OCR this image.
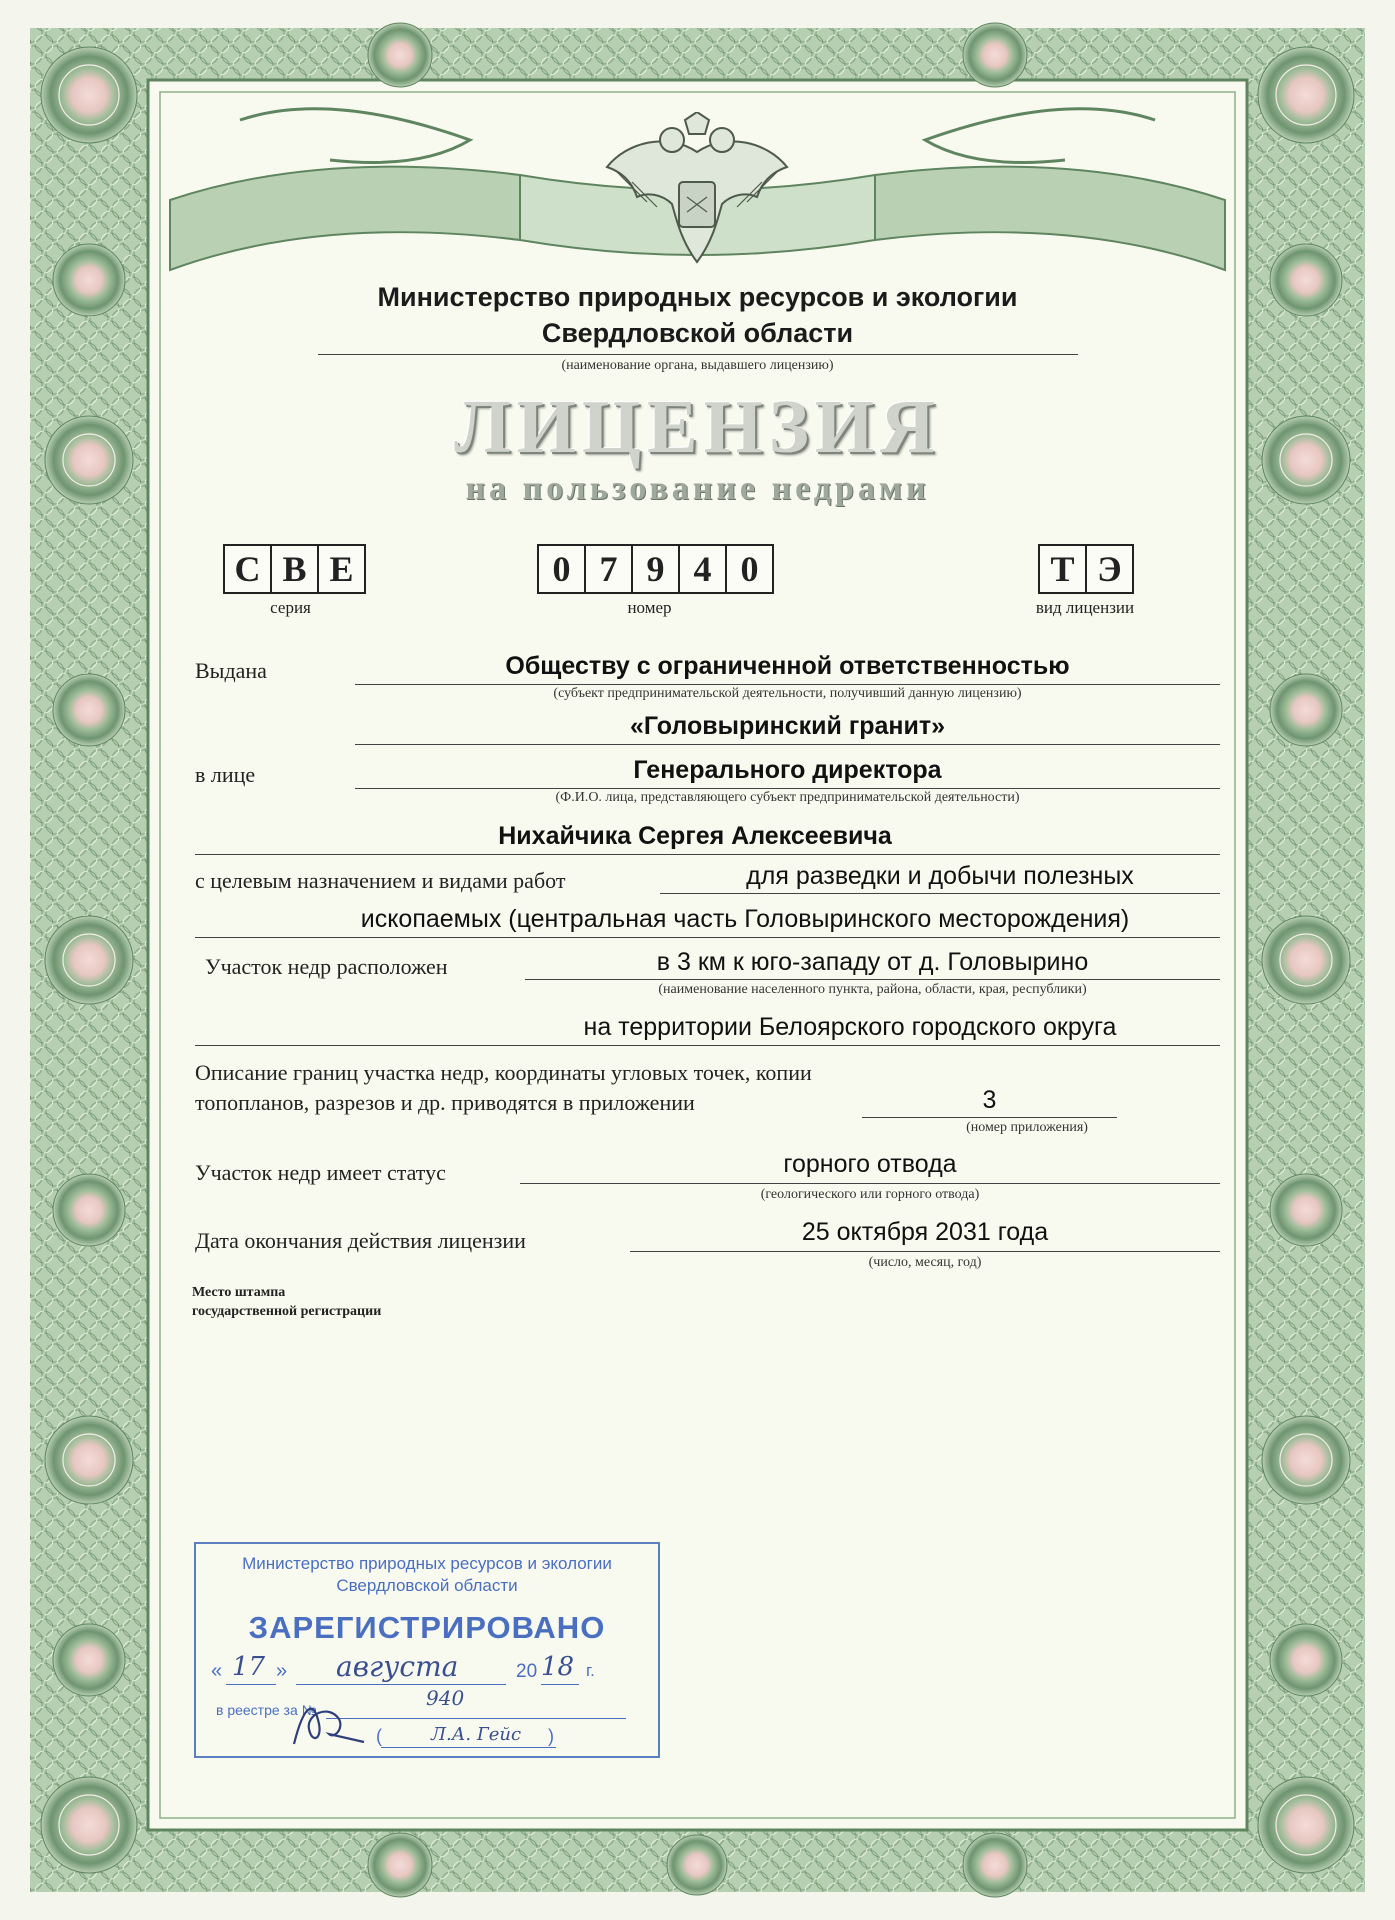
Министерство природных ресурсов и экологии
Свердловской области
(наименование органа, выдавшего лицензию)
ЛИЦЕНЗИЯ
на пользование недрами
С В Е
серия
0 7 9 4 0
номер
Т Э
вид лицензии
Выдана	Обществу с ограниченной ответственностью
(субъект предпринимательской деятельности, получивший данную лицензию)
«Головыринский гранит»
в лице	Генерального директора
(Ф.И.О. лица, представляющего субъект предпринимательской деятельности)
Нихайчика Сергея Алексеевича
с целевым назначением и видами работ	для разведки и добычи полезных
ископаемых (центральная часть Головыринского месторождения)
Участок недр расположен	в 3 км к юго-западу от д. Головырино
(наименование населенного пункта, района, области, края, республики)
на территории Белоярского городского округа
Описание границ участка недр, координаты угловых точек, копии
топопланов, разрезов и др. приводятся в приложении	3
(номер приложения)
Участок недр имеет статус	горного отвода
(геологического или горного отвода)
Дата окончания действия лицензии	25 октября 2031 года
(число, месяц, год)
Место штампа
государственной регистрации
Министерство природных ресурсов и экологии
Свердловской области
ЗАРЕГИСТРИРОВАНО
« 17 » августа	20 18 г.
в реестре за №	940
(	Л.А. Гейс )
